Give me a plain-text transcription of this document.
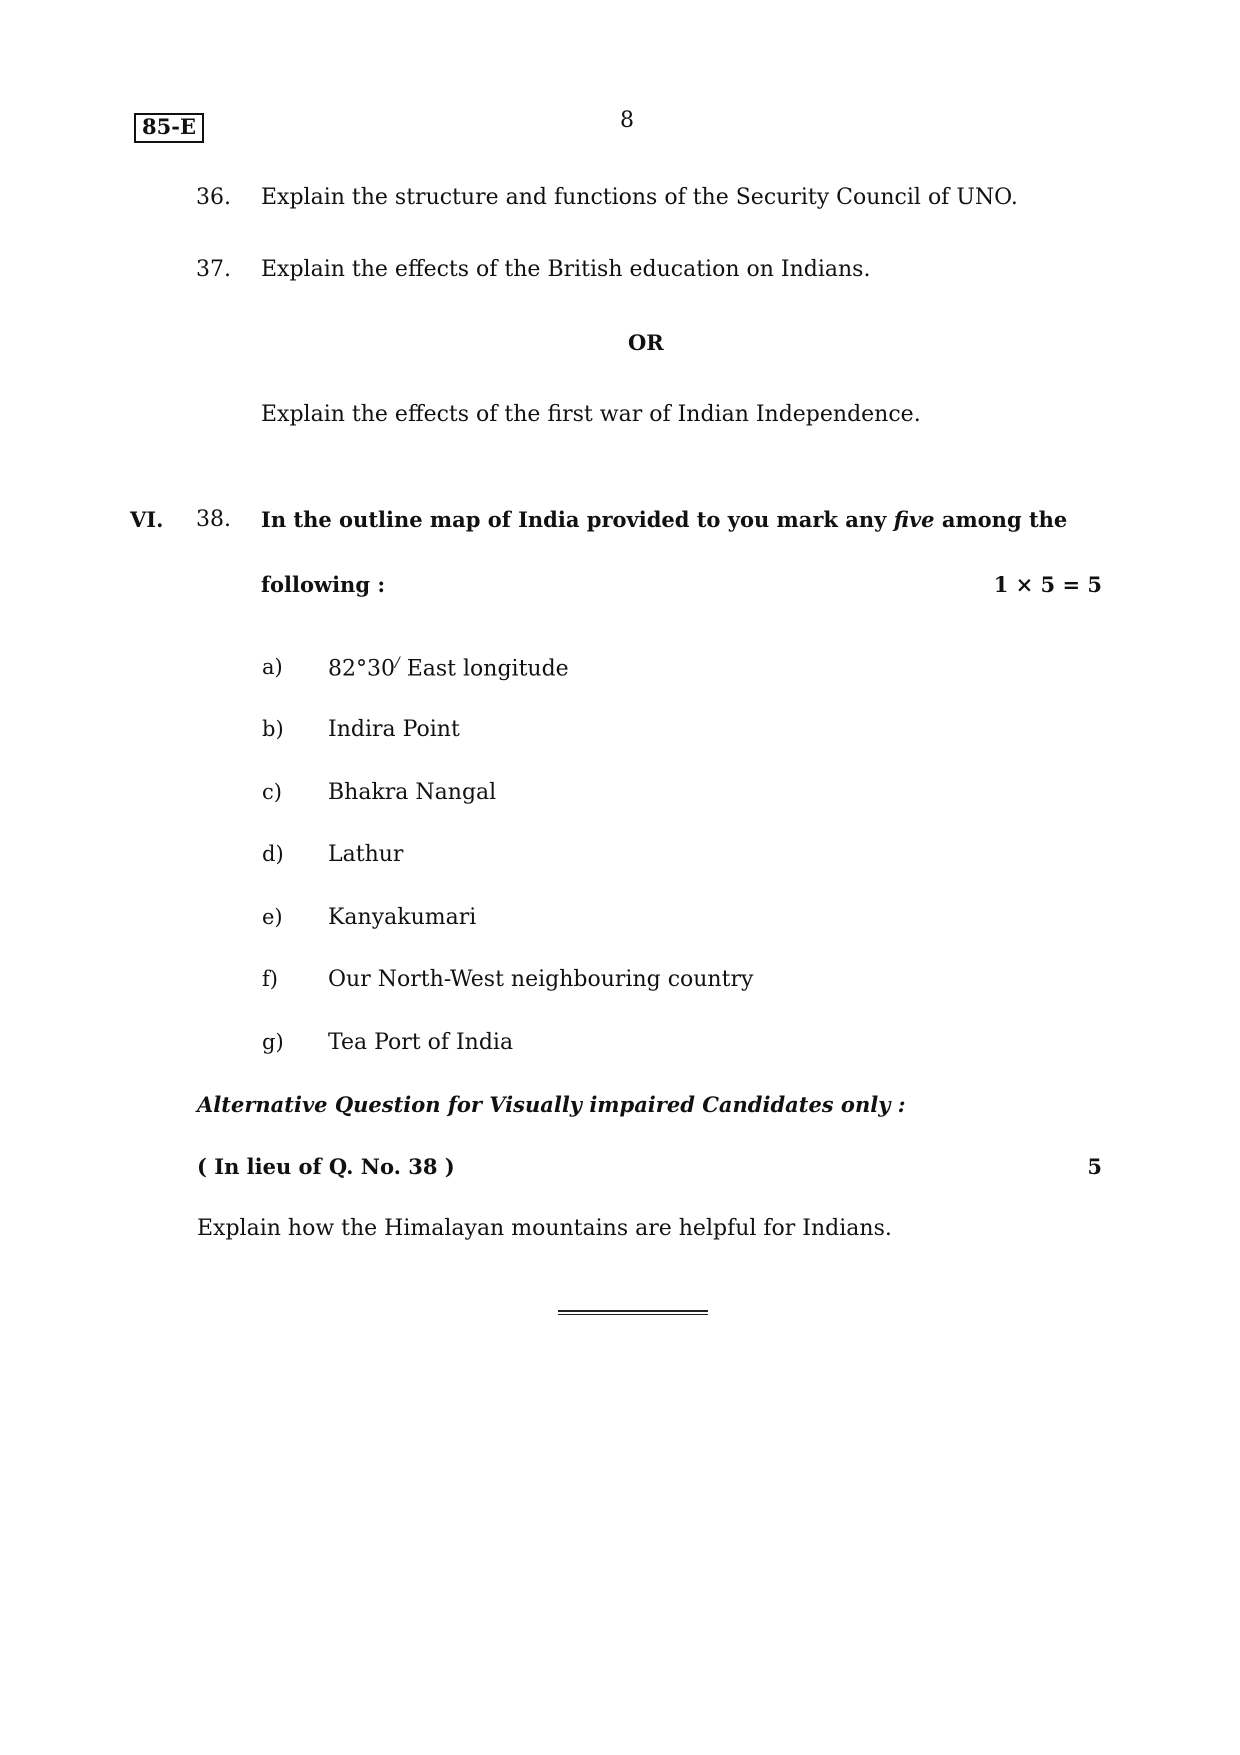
85-E	8
36. Explain the structure and functions of the Security Council of UNO.
37. Explain the effects of the British education on Indians.
OR
Explain the effects of the first war of Indian Independence.
VI. 38. In the outline map of India provided to you mark any five among the
following :	1 × 5 = 5
a) 82°30/ East longitude
b) Indira Point
c) Bhakra Nangal
d) Lathur
e) Kanyakumari
f) Our North-West neighbouring country
g) Tea Port of India
Alternative Question for Visually impaired Candidates only :
( In lieu of Q. No. 38 )	5
Explain how the Himalayan mountains are helpful for Indians.
